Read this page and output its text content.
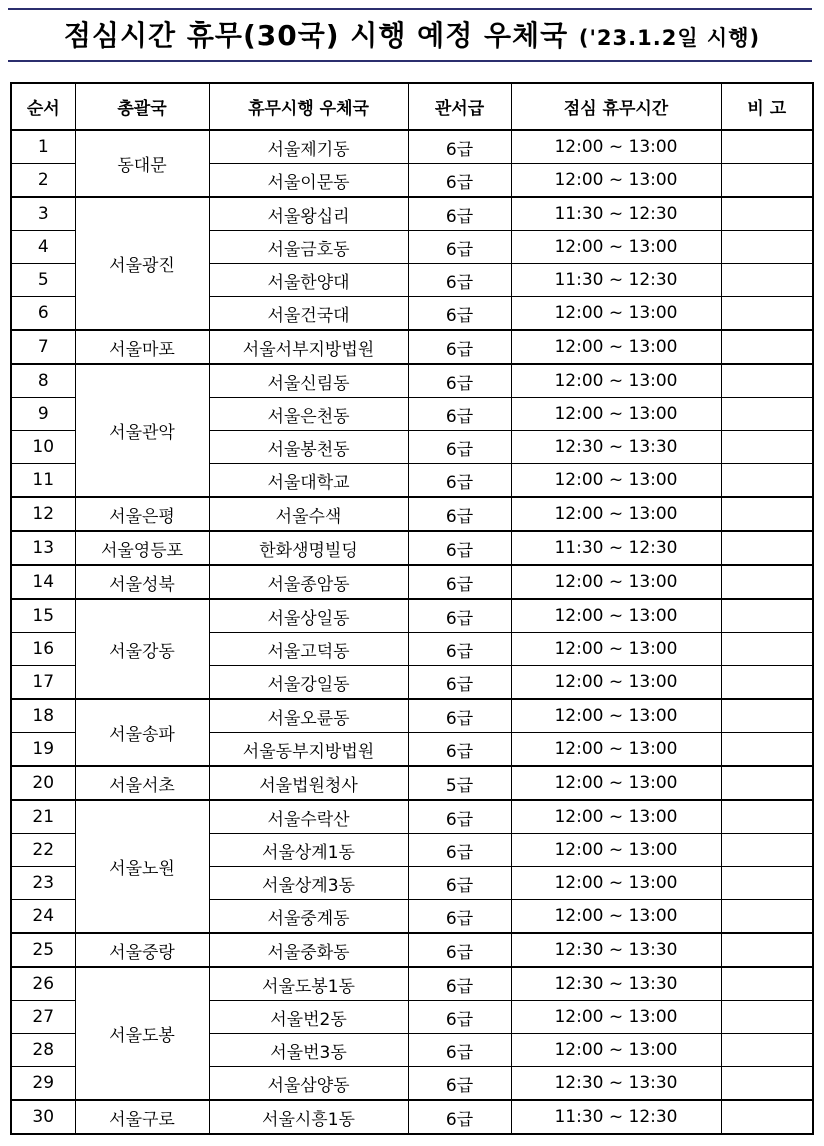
점심시간 휴무(30국) 시행 예정 우체국 ('23.1.2일 시행)
순서	총괄국	휴무시행 우체국	관서급	점심 휴무시간	비 고
1	동대문	서울제기동	6급	12:00 ~ 13:00	
2		서울이문동	6급	12:00 ~ 13:00	
3	서울광진	서울왕십리	6급	11:30 ~ 12:30	
4		서울금호동	6급	12:00 ~ 13:00	
5		서울한양대	6급	11:30 ~ 12:30	
6		서울건국대	6급	12:00 ~ 13:00	
7	서울마포	서울서부지방법원	6급	12:00 ~ 13:00	
8	서울관악	서울신림동	6급	12:00 ~ 13:00	
9		서울은천동	6급	12:00 ~ 13:00	
10		서울봉천동	6급	12:30 ~ 13:30	
11		서울대학교	6급	12:00 ~ 13:00	
12	서울은평	서울수색	6급	12:00 ~ 13:00	
13	서울영등포	한화생명빌딩	6급	11:30 ~ 12:30	
14	서울성북	서울종암동	6급	12:00 ~ 13:00	
15	서울강동	서울상일동	6급	12:00 ~ 13:00	
16		서울고덕동	6급	12:00 ~ 13:00	
17		서울강일동	6급	12:00 ~ 13:00	
18	서울송파	서울오륜동	6급	12:00 ~ 13:00	
19		서울동부지방법원	6급	12:00 ~ 13:00	
20	서울서초	서울법원청사	5급	12:00 ~ 13:00	
21	서울노원	서울수락산	6급	12:00 ~ 13:00	
22		서울상계1동	6급	12:00 ~ 13:00	
23		서울상계3동	6급	12:00 ~ 13:00	
24		서울중계동	6급	12:00 ~ 13:00	
25	서울중랑	서울중화동	6급	12:30 ~ 13:30	
26	서울도봉	서울도봉1동	6급	12:30 ~ 13:30	
27		서울번2동	6급	12:00 ~ 13:00	
28		서울번3동	6급	12:00 ~ 13:00	
29		서울삼양동	6급	12:30 ~ 13:30	
30	서울구로	서울시흥1동	6급	11:30 ~ 12:30	
